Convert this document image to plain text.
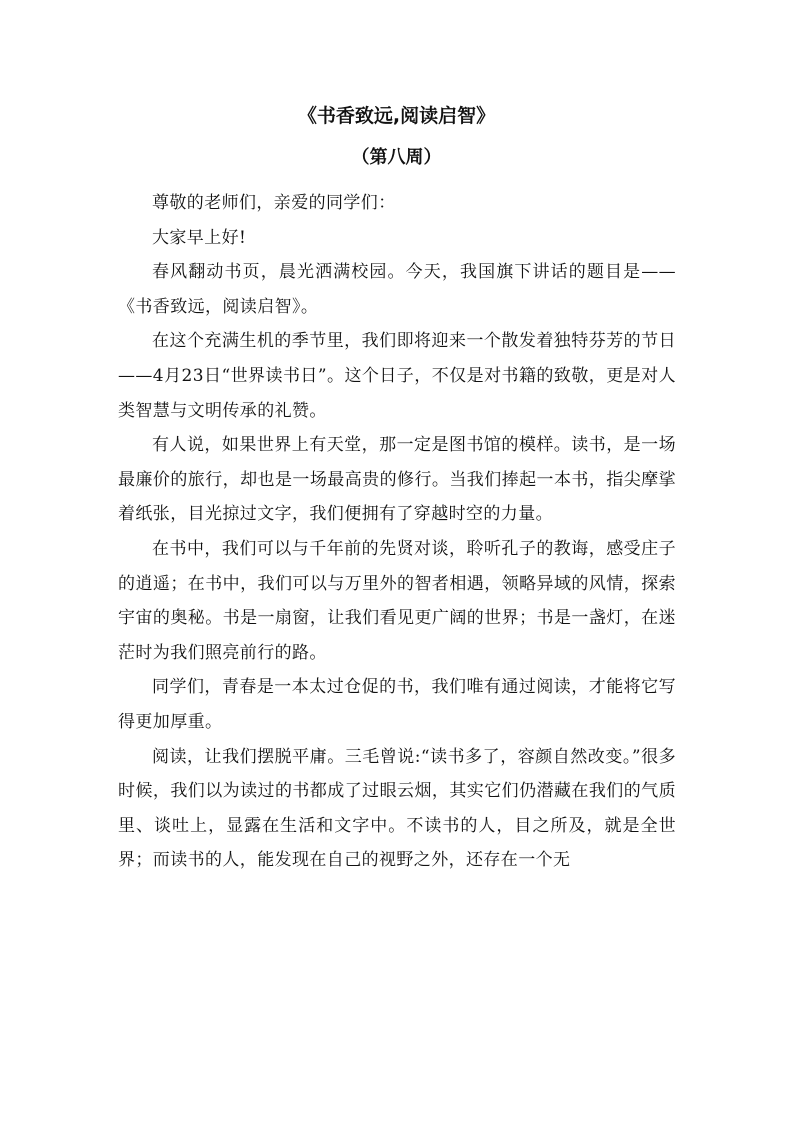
《书香致远,阅读启智》
（第八周）

尊敬的老师们，亲爱的同学们：

大家早上好!

春风翻动书页，晨光洒满校园。今天，我国旗下讲话的题目是——《书香致远，阅读启智》。

在这个充满生机的季节里，我们即将迎来一个散发着独特芬芳的节日——4月23日“世界读书日”。这个日子，不仅是对书籍的致敬，更是对人类智慧与文明传承的礼赞。

有人说，如果世界上有天堂，那一定是图书馆的模样。读书，是一场最廉价的旅行，却也是一场最高贵的修行。当我们捧起一本书，指尖摩挲着纸张，目光掠过文字，我们便拥有了穿越时空的力量。

在书中，我们可以与千年前的先贤对谈，聆听孔子的教诲，感受庄子的逍遥；在书中，我们可以与万里外的智者相遇，领略异域的风情，探索宇宙的奥秘。书是一扇窗，让我们看见更广阔的世界；书是一盏灯，在迷茫时为我们照亮前行的路。

同学们，青春是一本太过仓促的书，我们唯有通过阅读，才能将它写得更加厚重。

阅读，让我们摆脱平庸。三毛曾说:“读书多了，容颜自然改变。”很多时候，我们以为读过的书都成了过眼云烟，其实它们仍潜藏在我们的气质里、谈吐上，显露在生活和文字中。不读书的人，目之所及，就是全世界；而读书的人，能发现在自己的视野之外，还存在一个无
